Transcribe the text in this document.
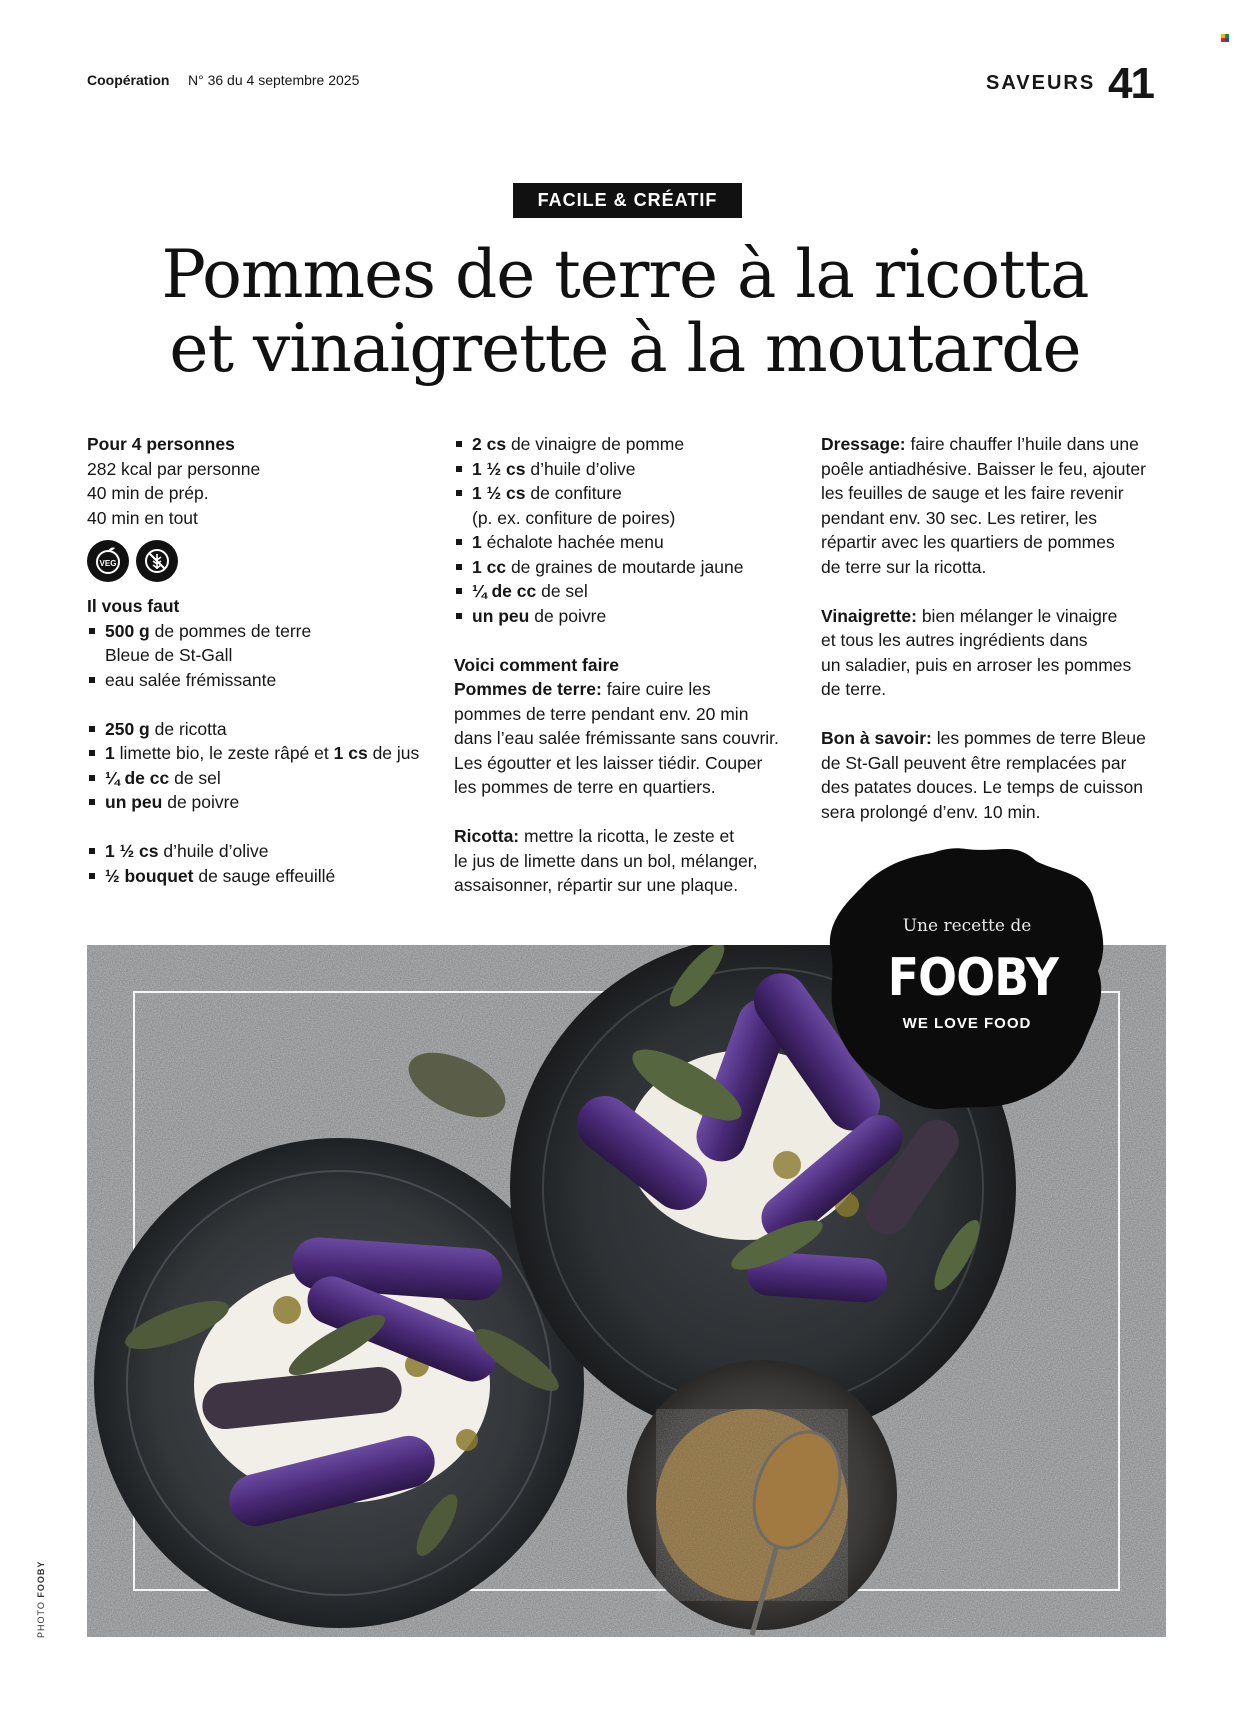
Coopération N° 36 du 4 septembre 2025	SAVEURS 41
FACILE & CRÉATIF
Pommes de terre à la ricotta
et vinaigrette à la moutarde

Pour 4 personnes

282 kcal par personne

40 min de prép.

40 min en tout

VEG

Il vous faut

500 g de pommes de terre
Bleue de St-Gall
eau salée frémissante
250 g de ricotta
1 limette bio, le zeste râpé et 1 cs de jus
¼ de cc de sel
un peu de poivre
1 ½ cs d’huile d’olive
½ bouquet de sauge effeuillé
2 cs de vinaigre de pomme
1 ½ cs d’huile d’olive
1 ½ cs de confiture
(p. ex. confiture de poires)
1 échalote hachée menu
1 cc de graines de moutarde jaune
¼ de cc de sel
un peu de poivre

Voici comment faire

Pommes de terre: faire cuire les

pommes de terre pendant env. 20 min

dans l’eau salée frémissante sans couvrir.

Les égoutter et les laisser tiédir. Couper

les pommes de terre en quartiers.

Ricotta: mettre la ricotta, le zeste et

le jus de limette dans un bol, mélanger,

assaisonner, répartir sur une plaque.

Dressage: faire chauffer l’huile dans une

poêle antiadhésive. Baisser le feu, ajouter

les feuilles de sauge et les faire revenir

pendant env. 30 sec. Les retirer, les

répartir avec les quartiers de pommes

de terre sur la ricotta.

Vinaigrette: bien mélanger le vinaigre

et tous les autres ingrédients dans

un saladier, puis en arroser les pommes

de terre.

Bon à savoir: les pommes de terre Bleue

de St-Gall peuvent être remplacées par

des patates douces. Le temps de cuisson

sera prolongé d’env. 10 min.

Une recette de
FOOBY
WE LOVE FOOD
PHOTO FOOBY
